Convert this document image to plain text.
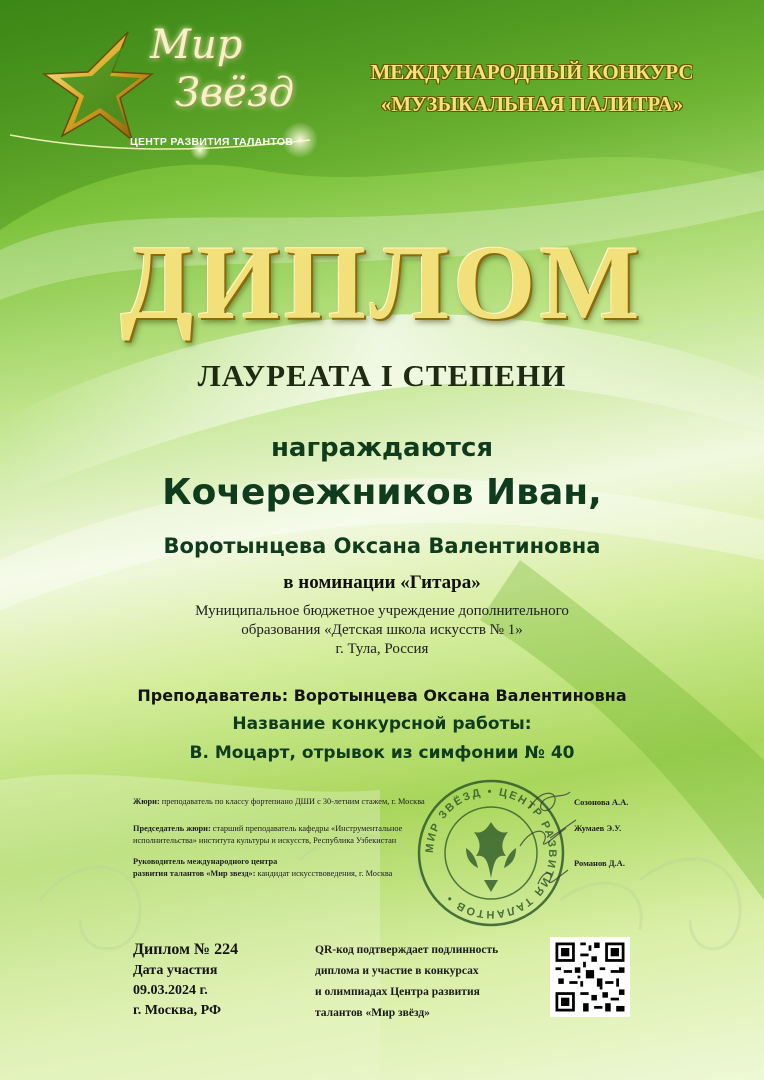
Мир
Звёзд
ЦЕНТР РАЗВИТИЯ ТАЛАНТОВ
МЕЖДУНАРОДНЫЙ КОНКУРС
«МУЗЫКАЛЬНАЯ ПАЛИТРА»
ДИПЛОМ
ЛАУРЕАТА I СТЕПЕНИ
награждаются
Кочережников Иван,
Воротынцева Оксана Валентиновна
в номинации «Гитара»
Муниципальное бюджетное учреждение дополнительного
образования «Детская школа искусств № 1»
г. Тула, Россия
Преподаватель: Воротынцева Оксана Валентиновна
Название конкурсной работы:
В. Моцарт, отрывок из симфонии № 40
МИР ЗВЁЗД • ЦЕНТР РАЗВИТИЯ ТАЛАНТОВ •
Жюри: преподаватель по классу фортепиано ДШИ с 30-летним стажем, г. Москва	Созонова А.А.
Председатель жюри: старший преподаватель кафедры «Инструментальное
исполнительства» института культуры и искусств, Республика Узбекистан
Жумаев Э.У.
Руководитель международного центра
развития талантов «Мир звезд»: кандидат искусствоведения, г. Москва
Романов Д.А.
Диплом № 224
Дата участия
09.03.2024 г.
г. Москва, РФ
QR-код подтверждает подлинность
диплома и участие в конкурсах
и олимпиадах Центра развития
талантов «Мир звёзд»
